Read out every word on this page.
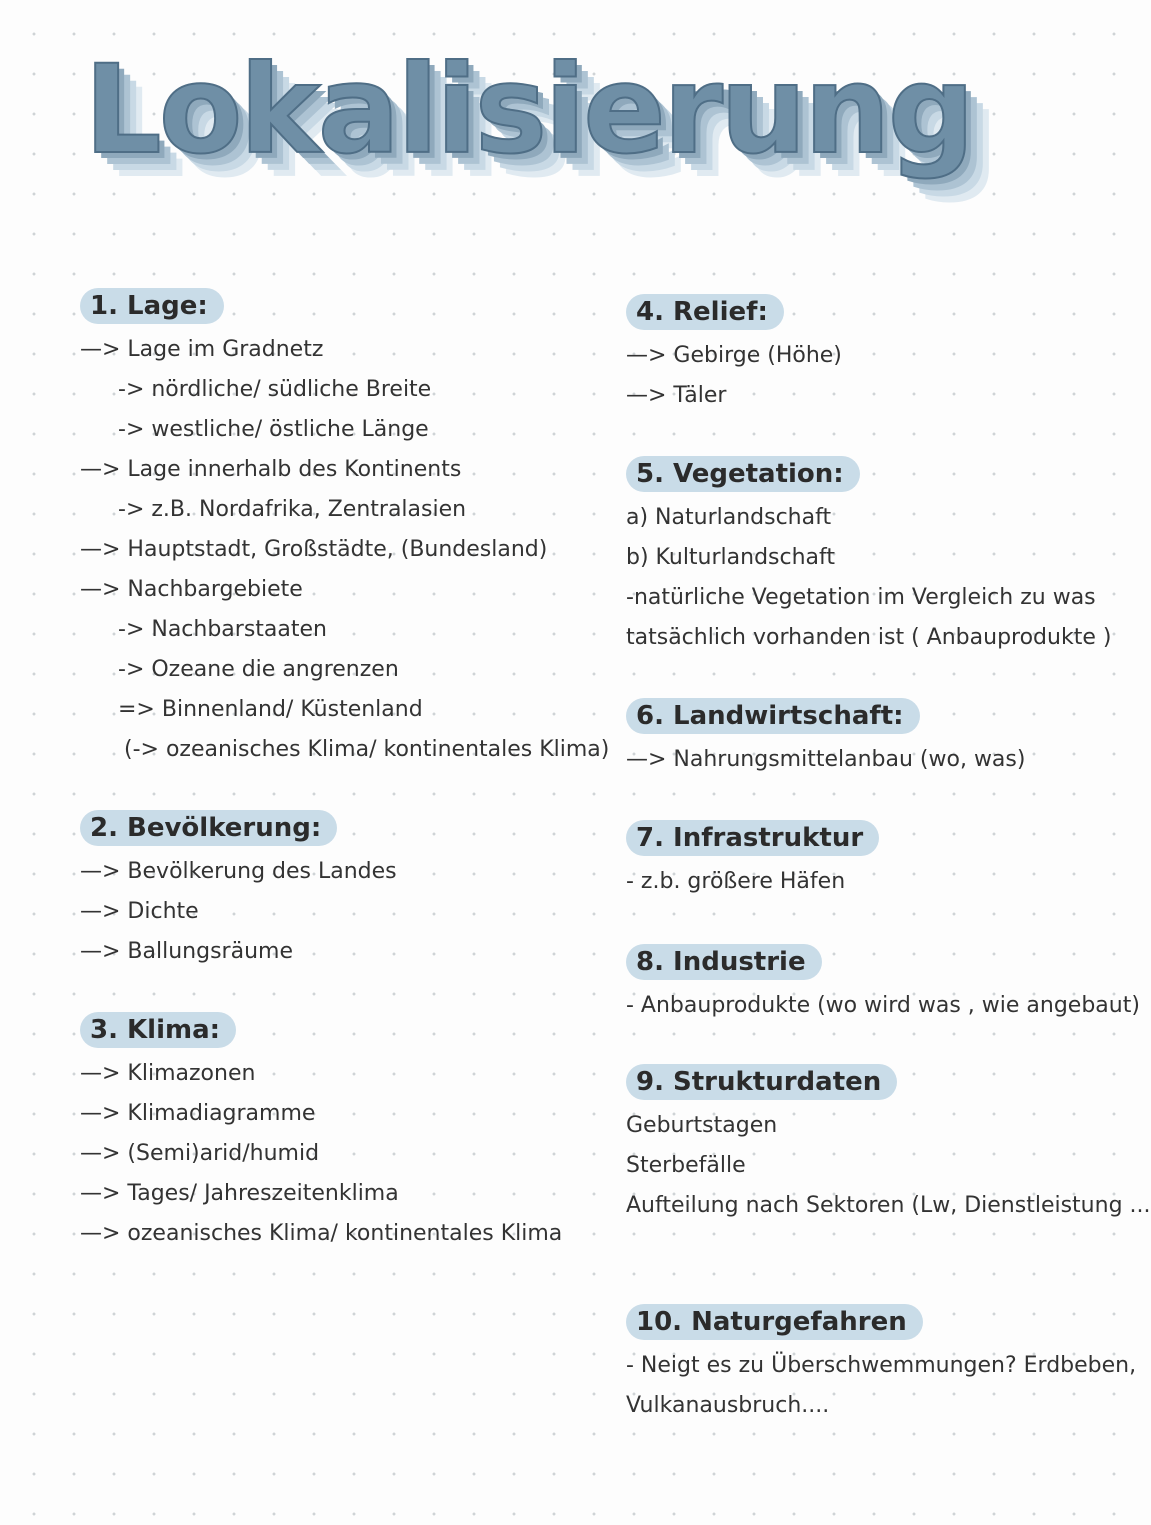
Lokalisierung
1. Lage:
—> Lage im Gradnetz
-> nördliche/ südliche Breite
-> westliche/ östliche Länge
—> Lage innerhalb des Kontinents
-> z.B. Nordafrika, Zentralasien
—> Hauptstadt, Großstädte, (Bundesland)
—> Nachbargebiete
-> Nachbarstaaten
-> Ozeane die angrenzen
=> Binnenland/ Küstenland
(-> ozeanisches Klima/ kontinentales Klima)
2. Bevölkerung:
—> Bevölkerung des Landes
—> Dichte
—> Ballungsräume
3. Klima:
—> Klimazonen
—> Klimadiagramme
—> (Semi)arid/humid
—> Tages/ Jahreszeitenklima
—> ozeanisches Klima/ kontinentales Klima
4. Relief:
—> Gebirge (Höhe)
—> Täler
5. Vegetation:
a) Naturlandschaft
b) Kulturlandschaft
-natürliche Vegetation im Vergleich zu was
tatsächlich vorhanden ist ( Anbauprodukte )
6. Landwirtschaft:
—> Nahrungsmittelanbau (wo, was)
7. Infrastruktur
- z.b. größere Häfen
8. Industrie
- Anbauprodukte (wo wird was , wie angebaut)
9. Strukturdaten
Geburtstagen
Sterbefälle
Aufteilung nach Sektoren (Lw, Dienstleistung ...
10. Naturgefahren
- Neigt es zu Überschwemmungen? Erdbeben,
Vulkanausbruch....
